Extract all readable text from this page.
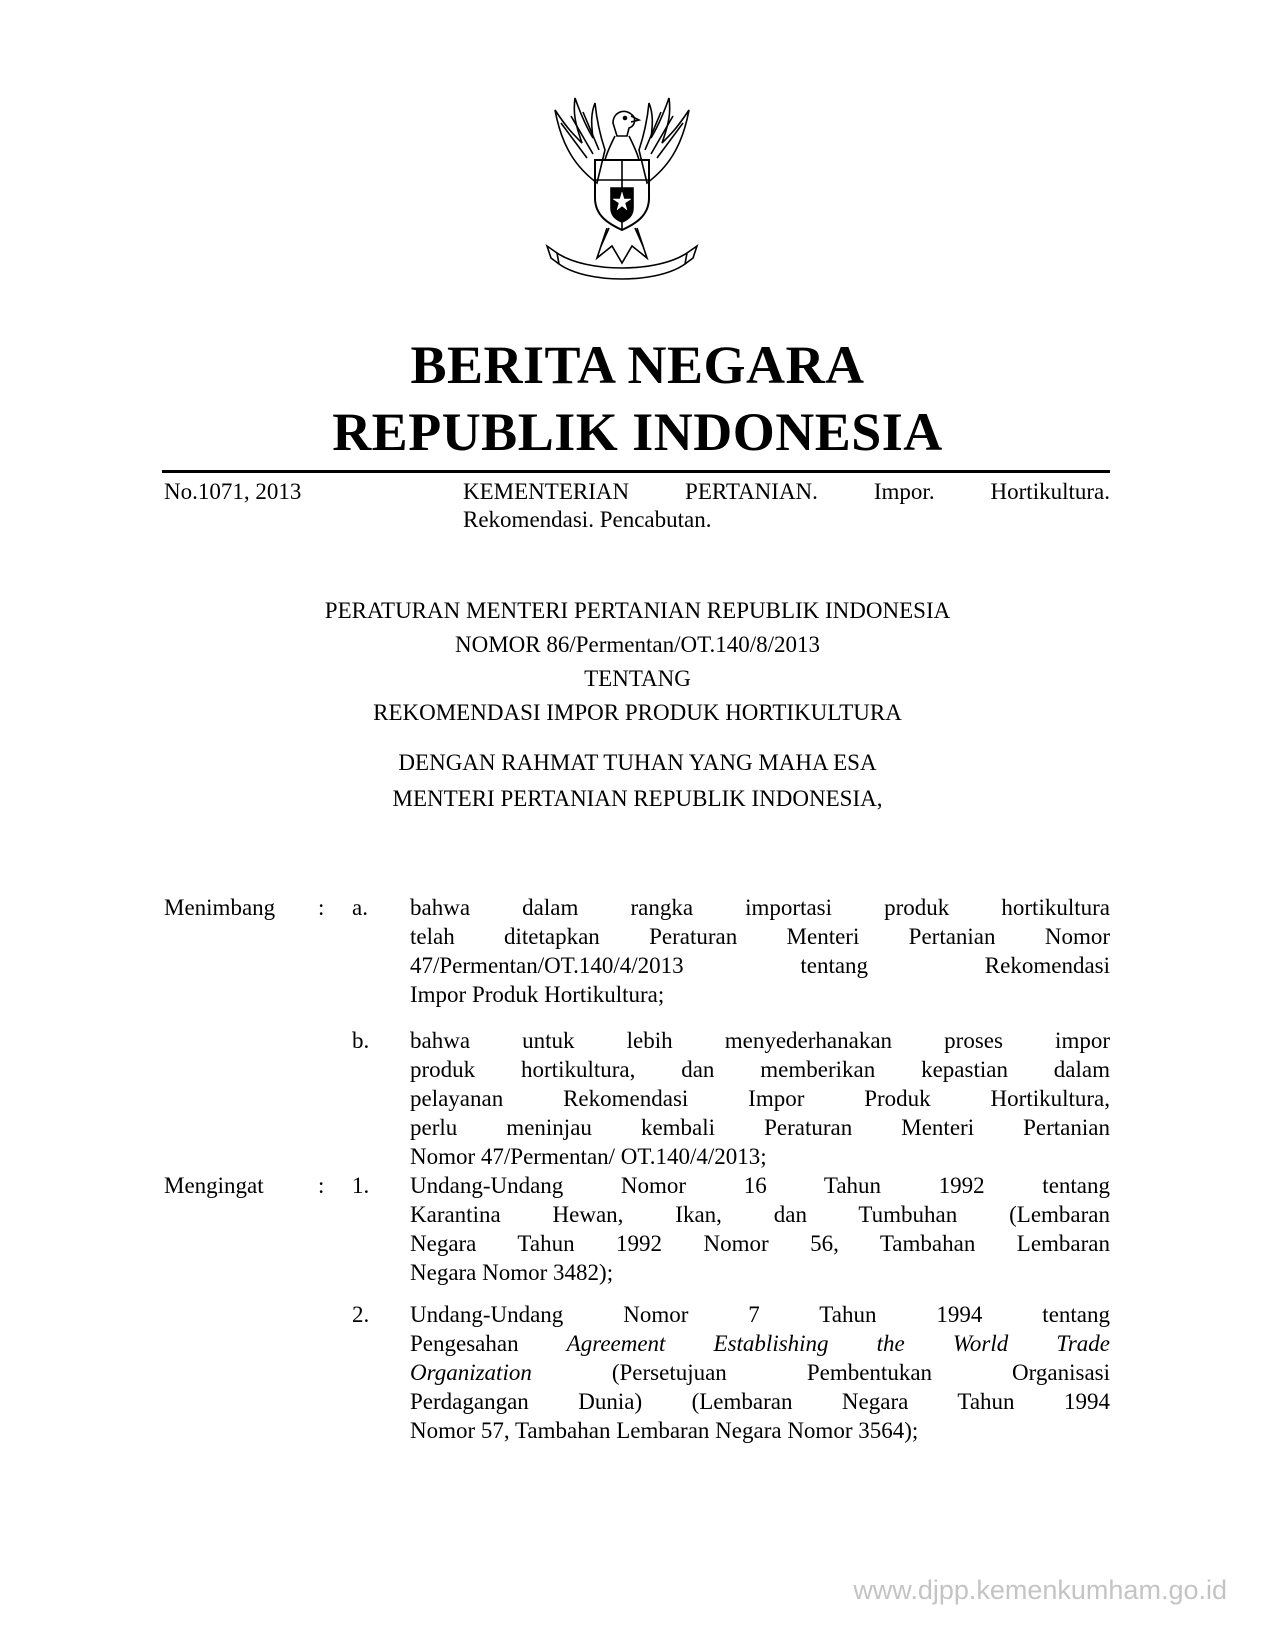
BERITA NEGARA
REPUBLIK INDONESIA
No.1071, 2013	KEMENTERIAN PERTANIAN. Impor. Hortikultura.
Rekomendasi. Pencabutan.
PERATURAN MENTERI PERTANIAN REPUBLIK INDONESIA
NOMOR 86/Permentan/OT.140/8/2013
TENTANG
REKOMENDASI IMPOR PRODUK HORTIKULTURA
DENGAN RAHMAT TUHAN YANG MAHA ESA
MENTERI PERTANIAN REPUBLIK INDONESIA,
Menimbang : a. bahwa dalam rangka importasi produk hortikultura
telah ditetapkan Peraturan Menteri Pertanian Nomor
47/Permentan/OT.140/4/2013 tentang Rekomendasi
Impor Produk Hortikultura;
b. bahwa untuk lebih menyederhanakan proses impor
produk hortikultura, dan memberikan kepastian dalam
pelayanan Rekomendasi Impor Produk Hortikultura,
perlu meninjau kembali Peraturan Menteri Pertanian
Nomor 47/Permentan/ OT.140/4/2013;
Mengingat : 1. Undang-Undang Nomor 16 Tahun 1992 tentang
Karantina Hewan, Ikan, dan Tumbuhan (Lembaran
Negara Tahun 1992 Nomor 56, Tambahan Lembaran
Negara Nomor 3482);
2. Undang-Undang Nomor 7 Tahun 1994 tentang
Pengesahan Agreement Establishing the World Trade
Organization (Persetujuan Pembentukan Organisasi
Perdagangan Dunia) (Lembaran Negara Tahun 1994
Nomor 57, Tambahan Lembaran Negara Nomor 3564);
www.djpp.kemenkumham.go.id
